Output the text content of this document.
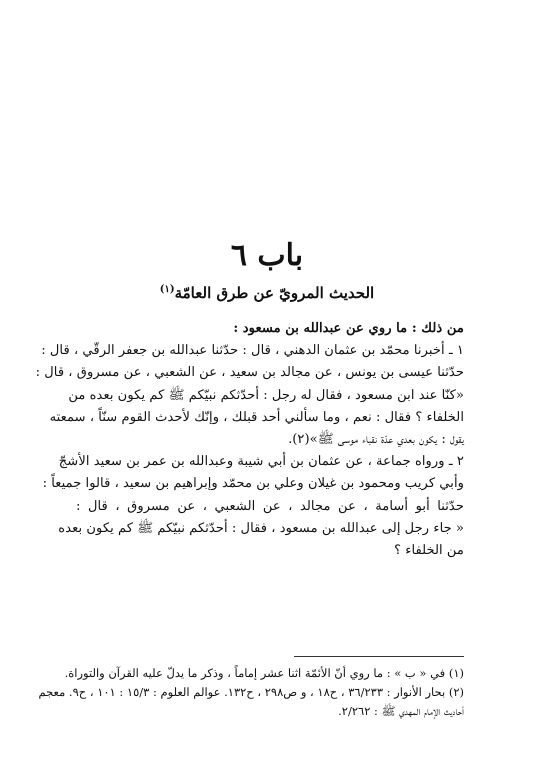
باب ٦
الحديث المرويّ عن طرق العامّة$^{(١)}$
من ذلك : ما روي عن عبدالله بن مسعود :
١ ـ أخبرنا محمّد بن عثمان الدهني ، قال : حدّثنا عبدالله بن جعفر الرقّي ، قال :
حدّثنا عيسى بن يونس ، عن مجالد بن سعيد ، عن الشعبي ، عن مسروق ، قال :
«كنّا عند ابن مسعود ، فقال له رجل : أحدّثكم نبيّكم ﷺ كم يكون بعده من
الخلفاء ؟ فقال : نعم ، وما سألني أحد قبلك ، وإنّك لأحدث القوم سنّاً ، سمعته
يقول : يكون بعدي عدّة نقباء موسى ﷺ»(٢).
٢ ـ ورواه جماعة ، عن عثمان بن أبي شيبة وعبدالله بن عمر بن سعيد الأشجّ
وأبي كريب ومحمود بن غيلان وعلي بن محمّد وإبراهيم بن سعيد ، قالوا جميعاً :
حدّثنا أبو أسامة ، عن مجالد ، عن الشعبي ، عن مسروق ، قال :
« جاء رجل إلى عبدالله بن مسعود ، فقال : أحدّثكم نبيّكم ﷺ كم يكون بعده
من الخلفاء ؟
(١) في « ب » : ما روي أنّ الأئمّة اثنا عشر إماماً ، وذكر ما يدلّ عليه القرآن والتوراة.
(٢) بحار الأنوار : ٣٦/٢٣٣ ، ح١٨ ، و ص٢٩٨ ، ح١٣٢. عوالم العلوم : ١٥/٣ : ١٠١ ، ح٩. معجم
أحاديث الإمام المهدي ﷺ : ٢/٢٦٢.
